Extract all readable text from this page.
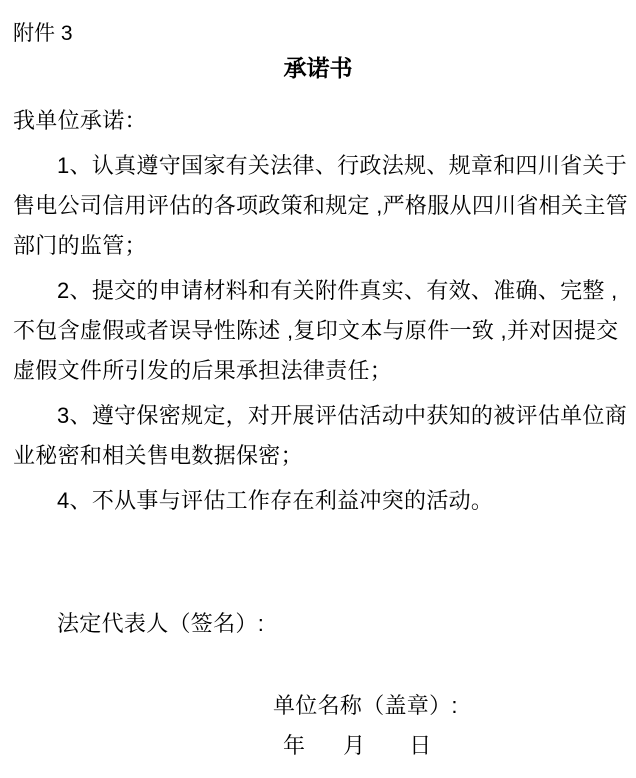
附件 3
承诺书
我单位承诺：
1、认真遵守国家有关法律、行政法规、规章和四川省关于
售电公司信用评估的各项政策和规定 ,严格服从四川省相关主管
部门的监管；
2、提交的申请材料和有关附件真实、有效、准确、完整 ,
不包含虚假或者误导性陈述 ,复印文本与原件一致 ,并对因提交
虚假文件所引发的后果承担法律责任；
3、遵守保密规定，对开展评估活动中获知的被评估单位商
业秘密和相关售电数据保密；
4、不从事与评估工作存在利益冲突的活动。
法定代表人（签名）:
单位名称（盖章）:
年 月 日
